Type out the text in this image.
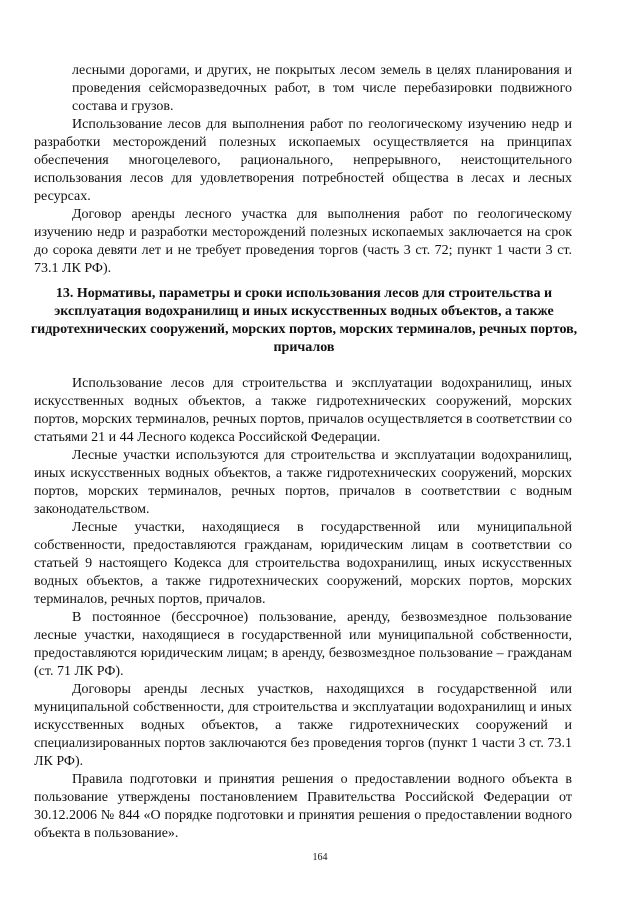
лесными дорогами, и других, не покрытых лесом земель в целях планирования и проведения сейсморазведочных работ, в том числе перебазировки подвижного состава и грузов.

Использование лесов для выполнения работ по геологическому изучению недр и разработки месторождений полезных ископаемых осуществляется на принципах обеспечения многоцелевого, рационального, непрерывного, неистощительного использования лесов для удовлетворения потребностей общества в лесах и лесных ресурсах.

Договор аренды лесного участка для выполнения работ по геологическому изучению недр и разработки месторождений полезных ископаемых заключается на срок до сорока девяти лет и не требует проведения торгов (часть 3 ст. 72; пункт 1 части 3 ст. 73.1 ЛК РФ).

13. Нормативы, параметры и сроки использования лесов для строительства и эксплуатация водохранилищ и иных искусственных водных объектов, а также гидротехнических сооружений, морских портов, морских терминалов, речных портов, причалов

Использование лесов для строительства и эксплуатации водохранилищ, иных искусственных водных объектов, а также гидротехнических сооружений, морских портов, морских терминалов, речных портов, причалов осуществляется в соответствии со статьями 21 и 44 Лесного кодекса Российской Федерации.

Лесные участки используются для строительства и эксплуатации водохранилищ, иных искусственных водных объектов, а также гидротехнических сооружений, морских портов, морских терминалов, речных портов, причалов в соответствии с водным законодательством.

Лесные участки, находящиеся в государственной или муниципальной собственности, предоставляются гражданам, юридическим лицам в соответствии со статьей 9 настоящего Кодекса для строительства водохранилищ, иных искусственных водных объектов, а также гидротехнических сооружений, морских портов, морских терминалов, речных портов, причалов.

В постоянное (бессрочное) пользование, аренду, безвозмездное пользование лесные участки, находящиеся в государственной или муниципальной собственности, предоставляются юридическим лицам; в аренду, безвозмездное пользование – гражданам (ст. 71 ЛК РФ).

Договоры аренды лесных участков, находящихся в государственной или муниципальной собственности, для строительства и эксплуатации водохранилищ и иных искусственных водных объектов, а также гидротехнических сооружений и специализированных портов заключаются без проведения торгов (пункт 1 части 3 ст. 73.1 ЛК РФ).

Правила подготовки и принятия решения о предоставлении водного объекта в пользование утверждены постановлением Правительства Российской Федерации от 30.12.2006 № 844 «О порядке подготовки и принятия решения о предоставлении водного объекта в пользование».

164
